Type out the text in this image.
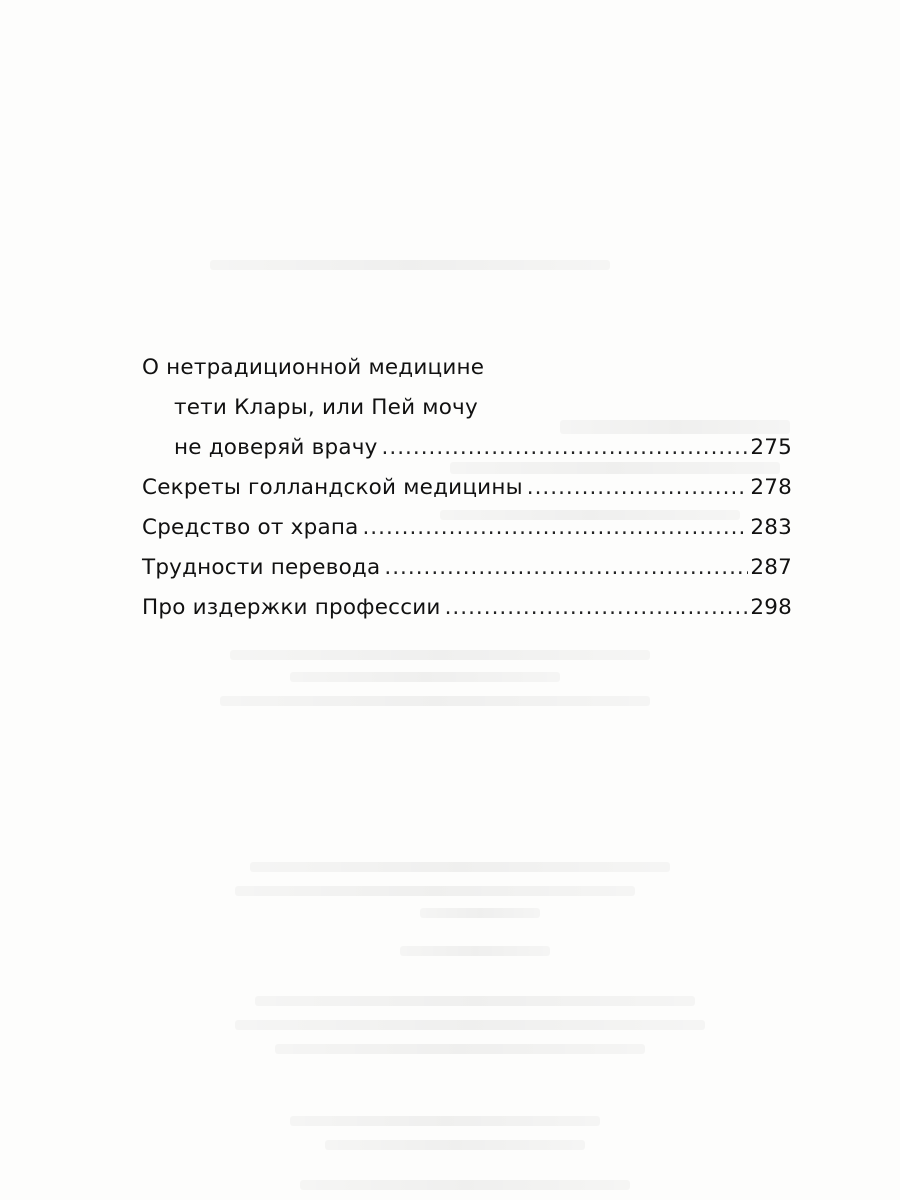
О нетрадиционной медицине
тети Клары, или Пей мочу
не доверяй врачу .....	275
Секреты голландской медицины .....	278
Средство от храпа .....	283
Трудности перевода .....	287
Про издержки профессии .....	298
